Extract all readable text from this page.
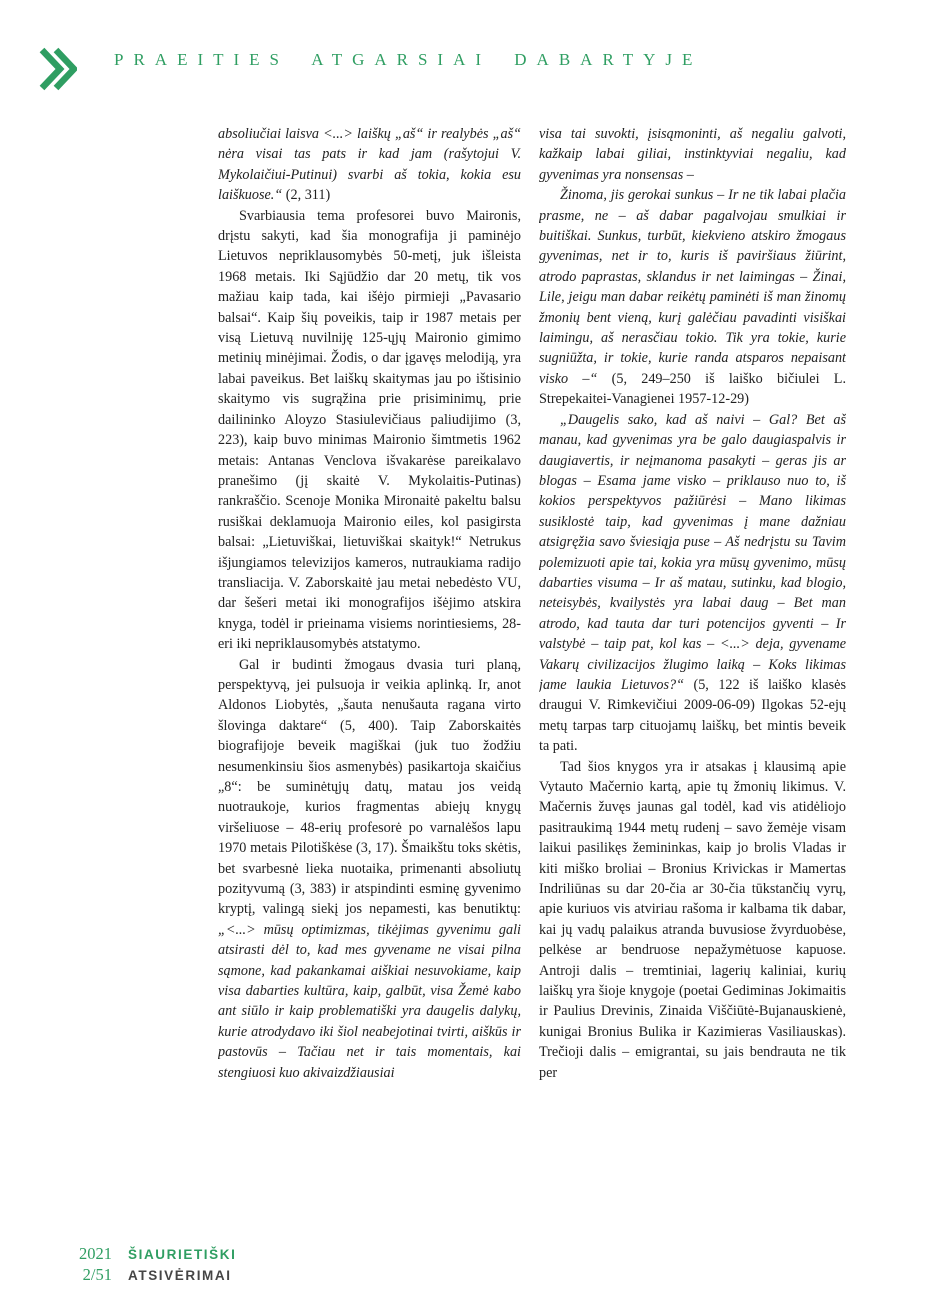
PRAEITIES ATGARSIAI DABARTYJE

absoliučiai laisva <...> laiškų „aš“ ir realybės „aš“ nėra visai tas pats ir kad jam (rašytojui V. Mykolaičiui-Putinui) svarbi aš tokia, kokia esu laiškuose.“ (2, 311)

Svarbiausia tema profesorei buvo Maironis, drįstu sakyti, kad šia monografija ji paminėjo Lietuvos nepriklausomybės 50-metį, juk išleista 1968 metais. Iki Sąjūdžio dar 20 metų, tik vos mažiau kaip tada, kai išėjo pirmieji „Pavasario balsai“. Kaip šių poveikis, taip ir 1987 metais per visą Lietuvą nuvilniję 125-ųjų Maironio gimimo metinių minėjimai. Žodis, o dar įgavęs melodiją, yra labai paveikus. Bet laiškų skaitymas jau po ištisinio skaitymo vis sugrąžina prie prisiminimų, prie dailininko Aloyzo Stasiulevičiaus paliudijimo (3, 223), kaip buvo minimas Maironio šimtmetis 1962 metais: Antanas Venclova išvakarėse pareikalavo pranešimo (jį skaitė V. Mykolaitis-Putinas) rankraščio. Scenoje Monika Mironaitė pakeltu balsu rusiškai deklamuoja Maironio eiles, kol pasigirsta balsai: „Lietuviškai, lietuviškai skaityk!“ Netrukus išjungiamos televizijos kameros, nutraukiama radijo transliacija. V. Zaborskaitė jau metai nebedėsto VU, dar šešeri metai iki monografijos išėjimo atskira knyga, todėl ir prieinama visiems norintiesiems, 28-eri iki nepriklausomybės atstatymo.

Gal ir budinti žmogaus dvasia turi planą, perspektyvą, jei pulsuoja ir veikia aplinką. Ir, anot Aldonos Liobytės, „šauta nenušauta ragana virto šlovinga daktare“ (5, 400). Taip Zaborskaitės biografijoje beveik magiškai (juk tuo žodžiu nesumenkinsiu šios asmenybės) pasikartoja skaičius „8“: be suminėtųjų datų, matau jos veidą nuotraukoje, kurios fragmentas abiejų knygų viršeliuose – 48-erių profesorė po varnalėšos lapu 1970 metais Pilotiškėse (3, 17). Šmaikštu toks skėtis, bet svarbesnė lieka nuotaika, primenanti absoliutų pozityvumą (3, 383) ir atspindinti esminę gyvenimo kryptį, valingą siekį jos nepamesti, kas benutiktų: „<...> mūsų optimizmas, tikėjimas gyvenimu gali atsirasti dėl to, kad mes gyvename ne visai pilna sąmone, kad pakankamai aiškiai nesuvokiame, kaip visa dabarties kultūra, kaip, galbūt, visa Žemė kabo ant siūlo ir kaip problematiški yra daugelis dalykų, kurie atrodydavo iki šiol neabejotinai tvirti, aiškūs ir pastovūs – Tačiau net ir tais momentais, kai stengiuosi kuo akivaizdžiausiai

visa tai suvokti, įsisąmoninti, aš negaliu galvoti, kažkaip labai giliai, instinktyviai negaliu, kad gyvenimas yra nonsensas –

Žinoma, jis gerokai sunkus – Ir ne tik labai plačia prasme, ne – aš dabar pagalvojau smulkiai ir buitiškai. Sunkus, turbūt, kiekvieno atskiro žmogaus gyvenimas, net ir to, kuris iš paviršiaus žiūrint, atrodo paprastas, sklandus ir net laimingas – Žinai, Lile, jeigu man dabar reikėtų paminėti iš man žinomų žmonių bent vieną, kurį galėčiau pavadinti visiškai laimingu, aš nerasčiau tokio. Tik yra tokie, kurie sugniūžta, ir tokie, kurie randa atsparos nepaisant visko –“ (5, 249–250 iš laiško bičiulei L. Strepekaitei-Vanagienei 1957-12-29)

„Daugelis sako, kad aš naivi – Gal? Bet aš manau, kad gyvenimas yra be galo daugiaspalvis ir daugiavertis, ir neįmanoma pasakyti – geras jis ar blogas – Esama jame visko – priklauso nuo to, iš kokios perspektyvos pažiūrėsi – Mano likimas susiklostė taip, kad gyvenimas į mane dažniau atsigręžia savo šviesiąja puse – Aš nedrįstu su Tavim polemizuoti apie tai, kokia yra mūsų gyvenimo, mūsų dabarties visuma – Ir aš matau, sutinku, kad blogio, neteisybės, kvailystės yra labai daug – Bet man atrodo, kad tauta dar turi potencijos gyventi – Ir valstybė – taip pat, kol kas – <...> deja, gyvename Vakarų civilizacijos žlugimo laiką – Koks likimas jame laukia Lietuvos?“ (5, 122 iš laiško klasės draugui V. Rimkevičiui 2009-06-09) Ilgokas 52-ejų metų tarpas tarp cituojamų laiškų, bet mintis beveik ta pati.

Tad šios knygos yra ir atsakas į klausimą apie Vytauto Mačernio kartą, apie tų žmonių likimus. V. Mačernis žuvęs jaunas gal todėl, kad vis atidėliojo pasitraukimą 1944 metų rudenį – savo žemėje visam laikui pasilikęs žemininkas, kaip jo brolis Vladas ir kiti miško broliai – Bronius Krivickas ir Mamertas Indriliūnas su dar 20-čia ar 30-čia tūkstančių vyrų, apie kuriuos vis atviriau rašoma ir kalbama tik dabar, kai jų vadų palaikus atranda buvusiose žvyrduobėse, pelkėse ar bendruose nepažymėtuose kapuose. Antroji dalis – tremtiniai, lagerių kaliniai, kurių laiškų yra šioje knygoje (poetai Gediminas Jokimaitis ir Paulius Drevinis, Zinaida Viščiūtė-Bujanauskienė, kunigai Bronius Bulika ir Kazimieras Vasiliauskas). Trečioji dalis – emigrantai, su jais bendrauta ne tik per

2021 ŠIAURIETIŠKI
2/51 ATSIVĖRIMAI
